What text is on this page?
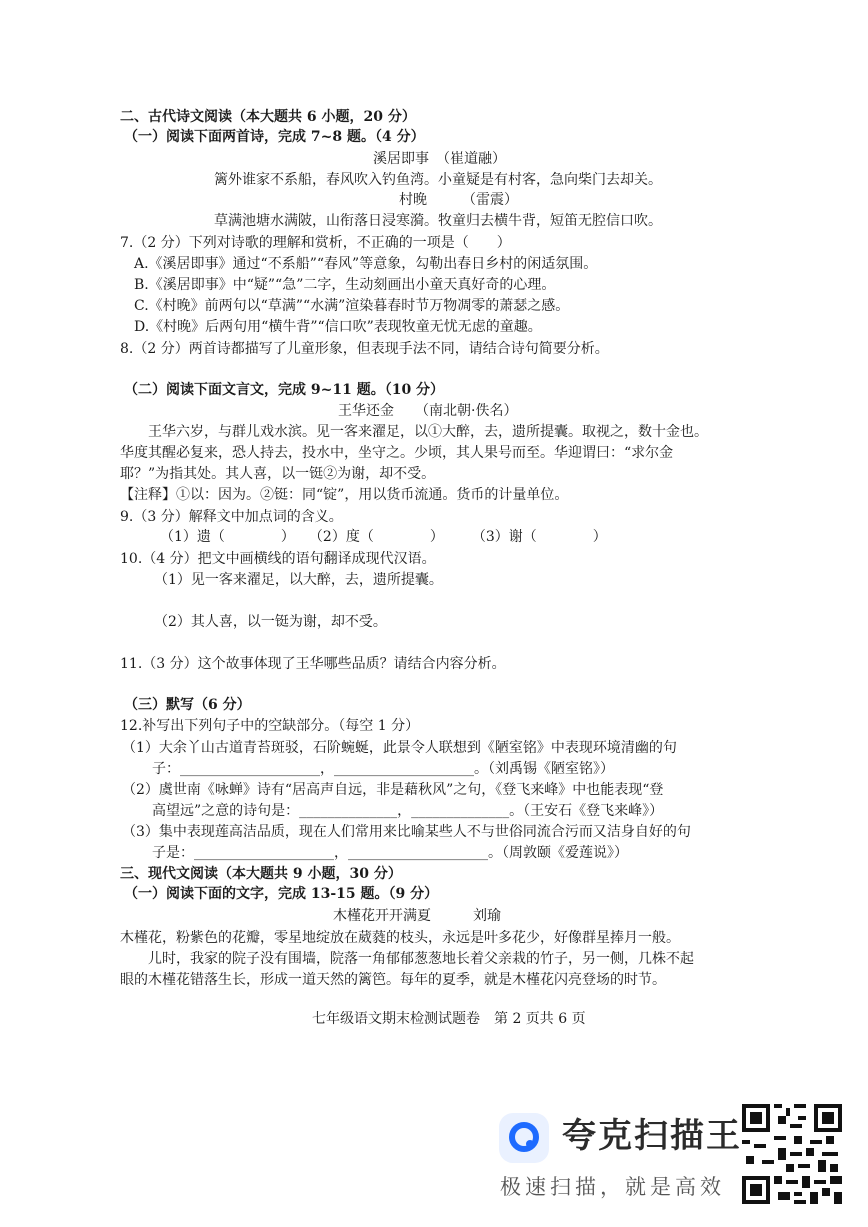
二、古代诗文阅读（本大题共 6 小题，20 分）
（一）阅读下面两首诗，完成 7~8 题。（4 分）
溪居即事　（崔道融）
篱外谁家不系船，春风吹入钓鱼湾。小童疑是有村客，急向柴门去却关。
村晚　　　（雷震）
草满池塘水满陂，山衔落日浸寒漪。牧童归去横牛背，短笛无腔信口吹。
7.（2 分）下列对诗歌的理解和赏析，不正确的一项是（　　）
A.《溪居即事》通过“不系船”“春风”等意象，勾勒出春日乡村的闲适氛围。
B.《溪居即事》中“疑”“急”二字，生动刻画出小童天真好奇的心理。
C.《村晚》前两句以“草满”“水满”渲染暮春时节万物凋零的萧瑟之感。
D.《村晚》后两句用“横牛背”“信口吹”表现牧童无忧无虑的童趣。
8.（2 分）两首诗都描写了儿童形象，但表现手法不同，请结合诗句简要分析。
（二）阅读下面文言文，完成 9~11 题。（10 分）
王华还金　　（南北朝·佚名）
王华六岁，与群儿戏水滨。见一客来濯足，以①大醉，去，遗所提囊。取视之，数十金也。
华度其醒必复来，恐人持去，投水中，坐守之。少顷，其人果号而至。华迎谓曰：“求尔金
耶？”为指其处。其人喜，以一铤②为谢，却不受。
【注释】①以：因为。②铤：同“锭”，用以货币流通。货币的计量单位。
9.（3 分）解释文中加点词的含义。
（1）遗（　　　　）　　（2）度（　　　　）　　　（3）谢（　　　　）
10.（4 分）把文中画横线的语句翻译成现代汉语。
（1）见一客来濯足，以大醉，去，遗所提囊。
（2）其人喜，以一铤为谢，却不受。
11.（3 分）这个故事体现了王华哪些品质？请结合内容分析。
（三）默写（6 分）
12.补写出下列句子中的空缺部分。（每空 1 分）
（1）大余丫山古道青苔斑驳，石阶蜿蜒，此景令人联想到《陋室铭》中表现环境清幽的句
子：____________________，____________________。（刘禹锡《陋室铭》）
（2）虞世南《咏蝉》诗有“居高声自远，非是藉秋风”之句，《登飞来峰》中也能表现“登
高望远”之意的诗句是：______________，______________。（王安石《登飞来峰》）
（3）集中表现莲高洁品质，现在人们常用来比喻某些人不与世俗同流合污而又洁身自好的句
子是：____________________，____________________。（周敦颐《爱莲说》）
三、现代文阅读（本大题共 9 小题，30 分）
（一）阅读下面的文字，完成 13-15 题。（9 分）
木槿花开开满夏　　　刘瑜
木槿花，粉紫色的花瓣，零星地绽放在葳蕤的枝头，永远是叶多花少，好像群星捧月一般。
儿时，我家的院子没有围墙，院落一角郁郁葱葱地长着父亲栽的竹子，另一侧，几株不起
眼的木槿花错落生长，形成一道天然的篱笆。每年的夏季，就是木槿花闪亮登场的时节。
七年级语文期末检测试题卷　第 2 页共 6 页
夸克扫描王
极速扫描，就是高效
